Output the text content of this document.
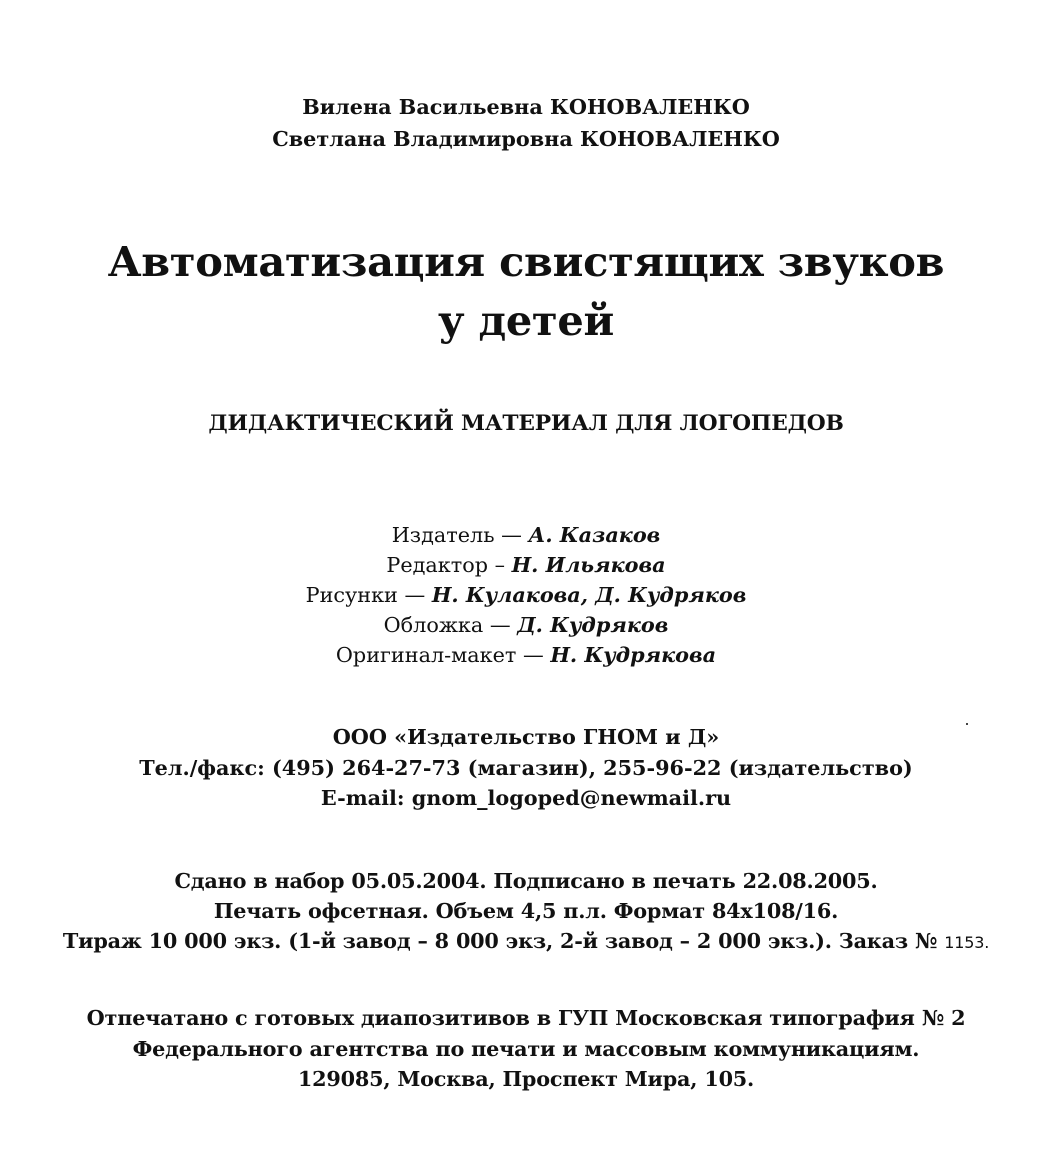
Вилена Васильевна КОНОВАЛЕНКО
Светлана Владимировна КОНОВАЛЕНКО
Автоматизация свистящих звуков
у детей
ДИДАКТИЧЕСКИЙ МАТЕРИАЛ ДЛЯ ЛОГОПЕДОВ
Издатель — А. Казаков
Редактор – Н. Ильякова
Рисунки — Н. Кулакова, Д. Кудряков
Обложка — Д. Кудряков
Оригинал-макет — Н. Кудрякова
ООО «Издательство ГНОМ и Д»
Тел./факс: (495) 264-27-73 (магазин), 255-96-22 (издательство)
E-mail: gnom_logoped@newmail.ru
Сдано в набор 05.05.2004. Подписано в печать 22.08.2005.
Печать офсетная. Объем 4,5 п.л. Формат 84х108/16.
Тираж 10 000 экз. (1-й завод – 8 000 экз, 2-й завод – 2 000 экз.). Заказ № 1153.
Отпечатано с готовых диапозитивов в ГУП Московская типография № 2
Федерального агентства по печати и массовым коммуникациям.
129085, Москва, Проспект Мира, 105.
